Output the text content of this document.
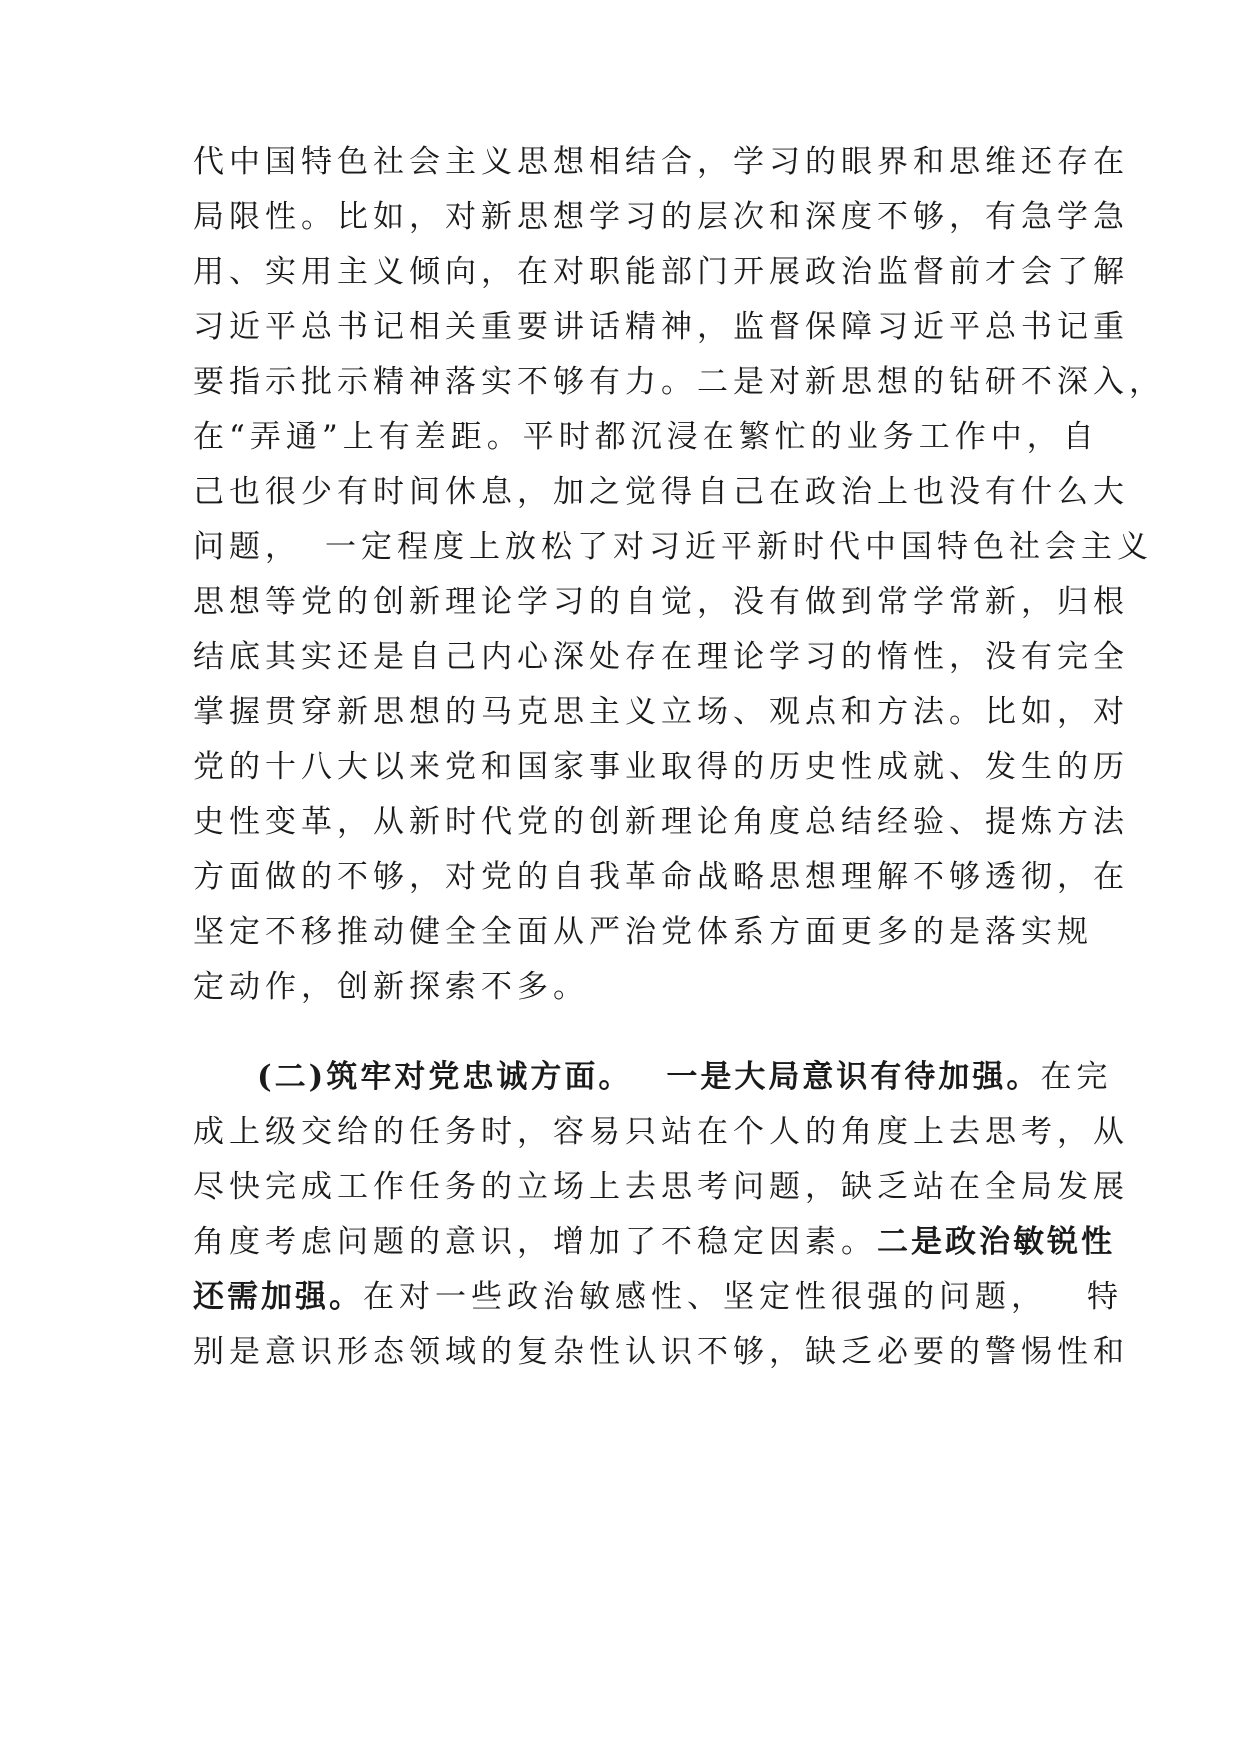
代中国特色社会主义思想相结合，学习的眼界和思维还存在
局限性。比如，对新思想学习的层次和深度不够，有急学急
用、实用主义倾向，在对职能部门开展政治监督前才会了解
习近平总书记相关重要讲话精神，监督保障习近平总书记重
要指示批示精神落实不够有力。二是对新思想的钻研不深入，
在“弄通”上有差距。平时都沉浸在繁忙的业务工作中，自
己也很少有时间休息，加之觉得自己在政治上也没有什么大
问题， 一定程度上放松了对习近平新时代中国特色社会主义
思想等党的创新理论学习的自觉，没有做到常学常新，归根
结底其实还是自己内心深处存在理论学习的惰性，没有完全
掌握贯穿新思想的马克思主义立场、观点和方法。比如，对
党的十八大以来党和国家事业取得的历史性成就、发生的历
史性变革，从新时代党的创新理论角度总结经验、提炼方法
方面做的不够，对党的自我革命战略思想理解不够透彻，在
坚定不移推动健全全面从严治党体系方面更多的是落实规
定动作，创新探索不多。
(二)筑牢对党忠诚方面。 一是大局意识有待加强。在完
成上级交给的任务时，容易只站在个人的角度上去思考，从
尽快完成工作任务的立场上去思考问题，缺乏站在全局发展
角度考虑问题的意识，增加了不稳定因素。二是政治敏锐性
还需加强。在对一些政治敏感性、坚定性很强的问题， 特
别是意识形态领域的复杂性认识不够，缺乏必要的警惕性和
